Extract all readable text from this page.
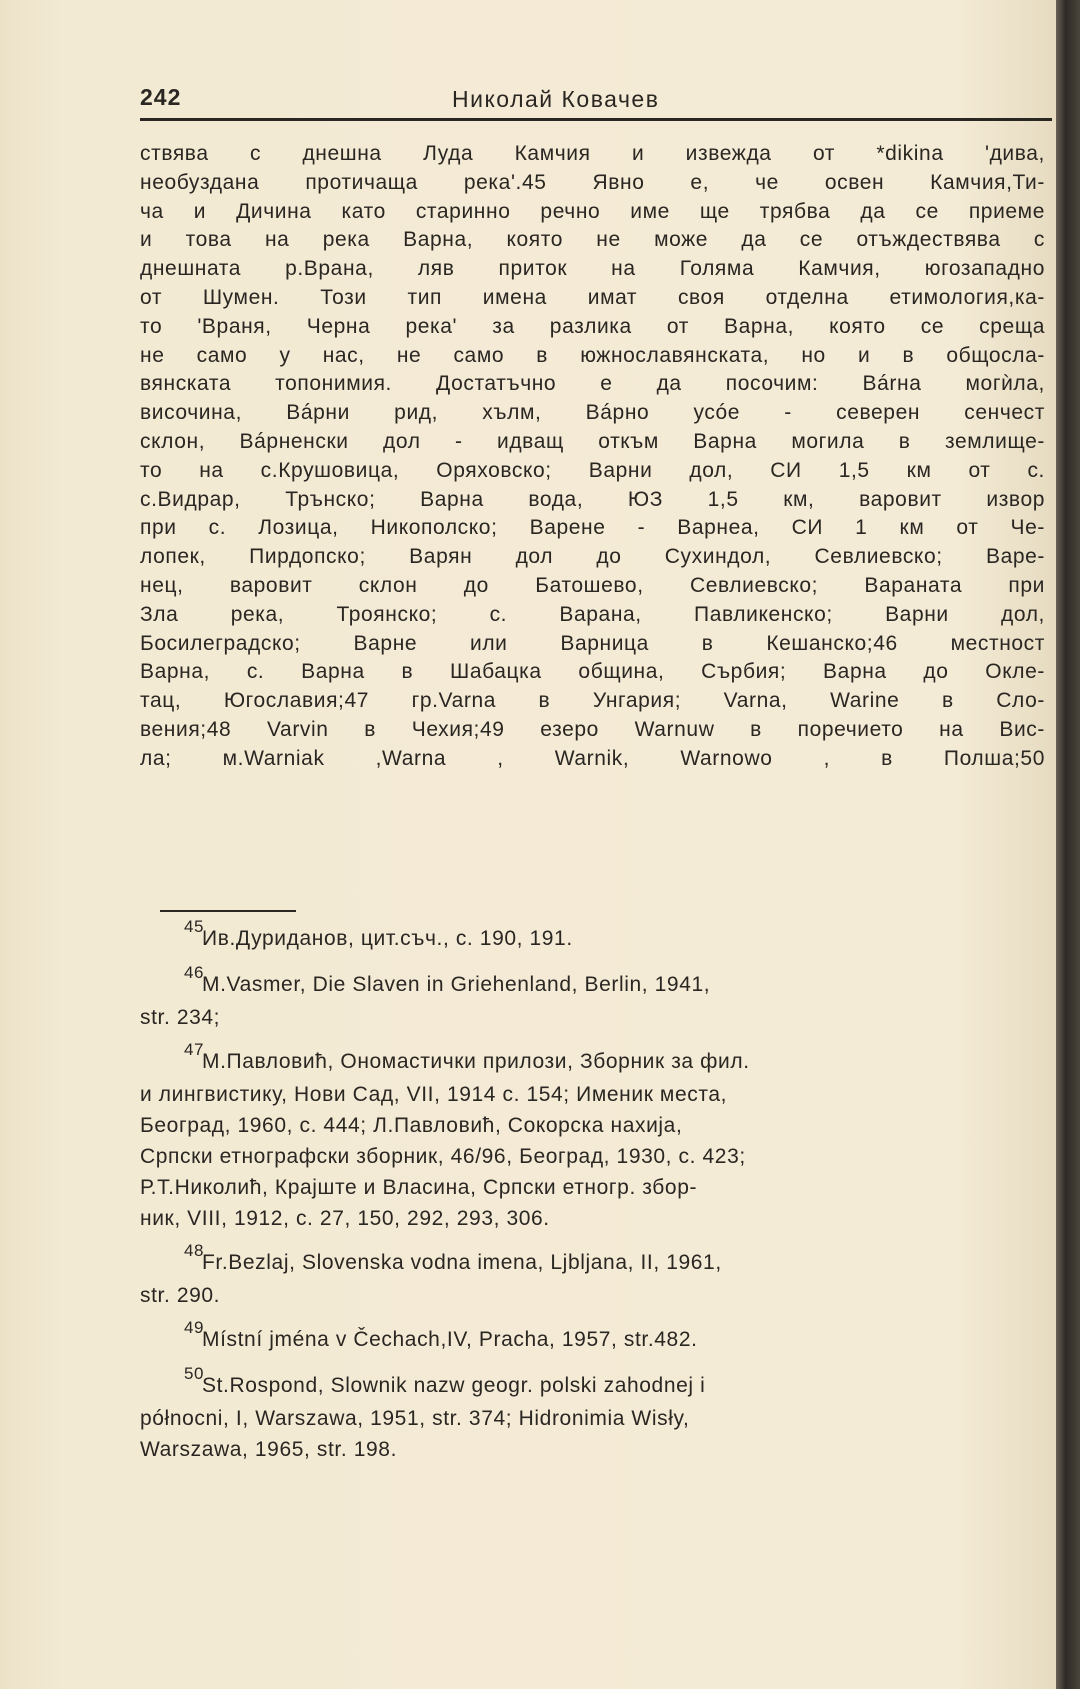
242	Николай Ковачев
ствява с днешна Луда Камчия и извежда от *dikina 'дива,
необуздана протичаща река'.45 Явно е, че освен Камчия,Ти-
ча и Дичина като старинно речно име ще трябва да се приеме
и това на река Варна, която не може да се отъждествява с
днешната р.Врана, ляв приток на Голяма Камчия, югозападно
от Шумен. Този тип имена имат своя отделна етимология,ка-
то 'Враня, Черна река' за разлика от Варна, която се среща
не само у нас, не само в южнославянската, но и в общосла-
вянската топонимия. Достатъчно е да посочим: Вárна могѝла,
височина, Вáрни рид, хълм, Вáрно усóе - северен сенчест
склон, Вáрненски дол - идващ откъм Варна могила в землище-
то на с.Крушовица, Оряховско; Варни дол, СИ 1,5 км от с.
с.Видрар, Трънско; Варна вода, ЮЗ 1,5 км, варовит извор
при с. Лозица, Никополско; Варене - Варнеа, СИ 1 км от Че-
лопек, Пирдопско; Варян дол до Сухиндол, Севлиевско; Варе-
нец, варовит склон до Батошево, Севлиевско; Вараната при
Зла река, Троянско; с. Варана, Павликенско; Варни дол,
Босилеградско; Варне или Варница в Кешанско;46 местност
Варна, с. Варна в Шабацка община, Сърбия; Варна до Окле-
тац, Югославия;47 гр.Varna в Унгария; Varna, Warine в Сло-
вения;48 Varvin в Чехия;49 езеро Warnuw в поречието на Вис-
ла; м.Warniak ,Warna , Warnik, Warnowo , в Полша;50
45
Ив.Дуриданов, цит.съч., с. 190, 191.
46
M.Vasmer, Die Slaven in Griehenland, Berlin, 1941,
str. 234;
47
М.Павловић, Ономастички прилози, Зборник за фил.
и лингвистику, Нови Сад, VII, 1914 с. 154; Именик места,
Београд, 1960, с. 444; Л.Павловић, Сокорска нахија,
Српски етнографски зборник, 46/96, Београд, 1930, с. 423;
Р.Т.Николић, Крајште и Власина, Српски етногр. збор-
ник, VIII, 1912, с. 27, 150, 292, 293, 306.
48
Fr.Bezlaj, Slovenska vodna imena, Ljbljana, II, 1961,
str. 290.
49
Místní jména v Čechach,IV, Pracha, 1957, str.482.
50
St.Rospond, Slownik nazw geogr. polski zahodnej i
północni, I, Warszawa, 1951, str. 374; Hidronimia Wisły,
Warszawa, 1965, str. 198.
